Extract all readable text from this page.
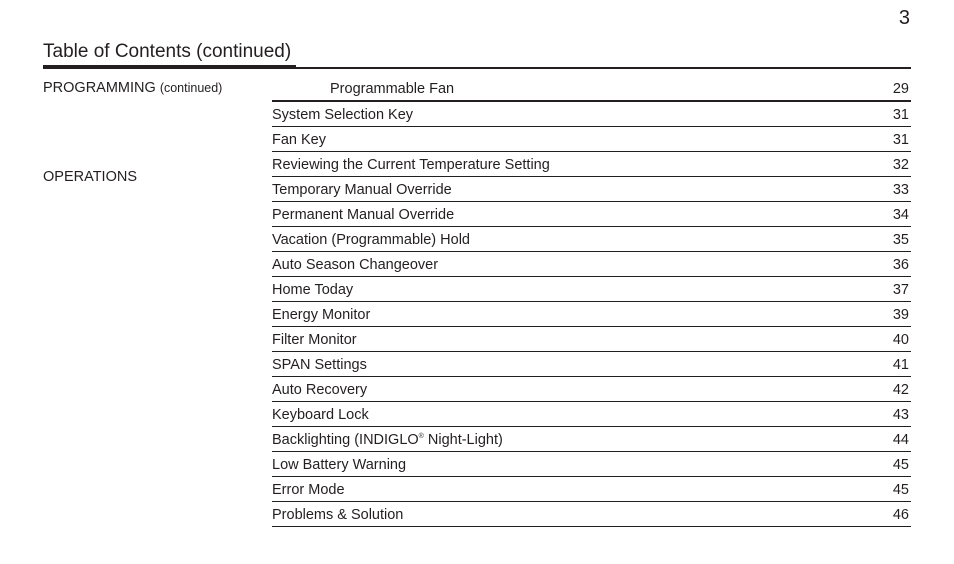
3
Table of Contents (continued)
PROGRAMMING (continued)
OPERATIONS
Programmable Fan	29
System Selection Key	31
Fan Key	31
Reviewing the Current Temperature Setting	32
Temporary Manual Override	33
Permanent Manual Override	34
Vacation (Programmable) Hold	35
Auto Season Changeover	36
Home Today	37
Energy Monitor	39
Filter Monitor	40
SPAN Settings	41
Auto Recovery	42
Keyboard Lock	43
Backlighting (INDIGLO® Night-Light)	44
Low Battery Warning	45
Error Mode	45
Problems & Solution	46
